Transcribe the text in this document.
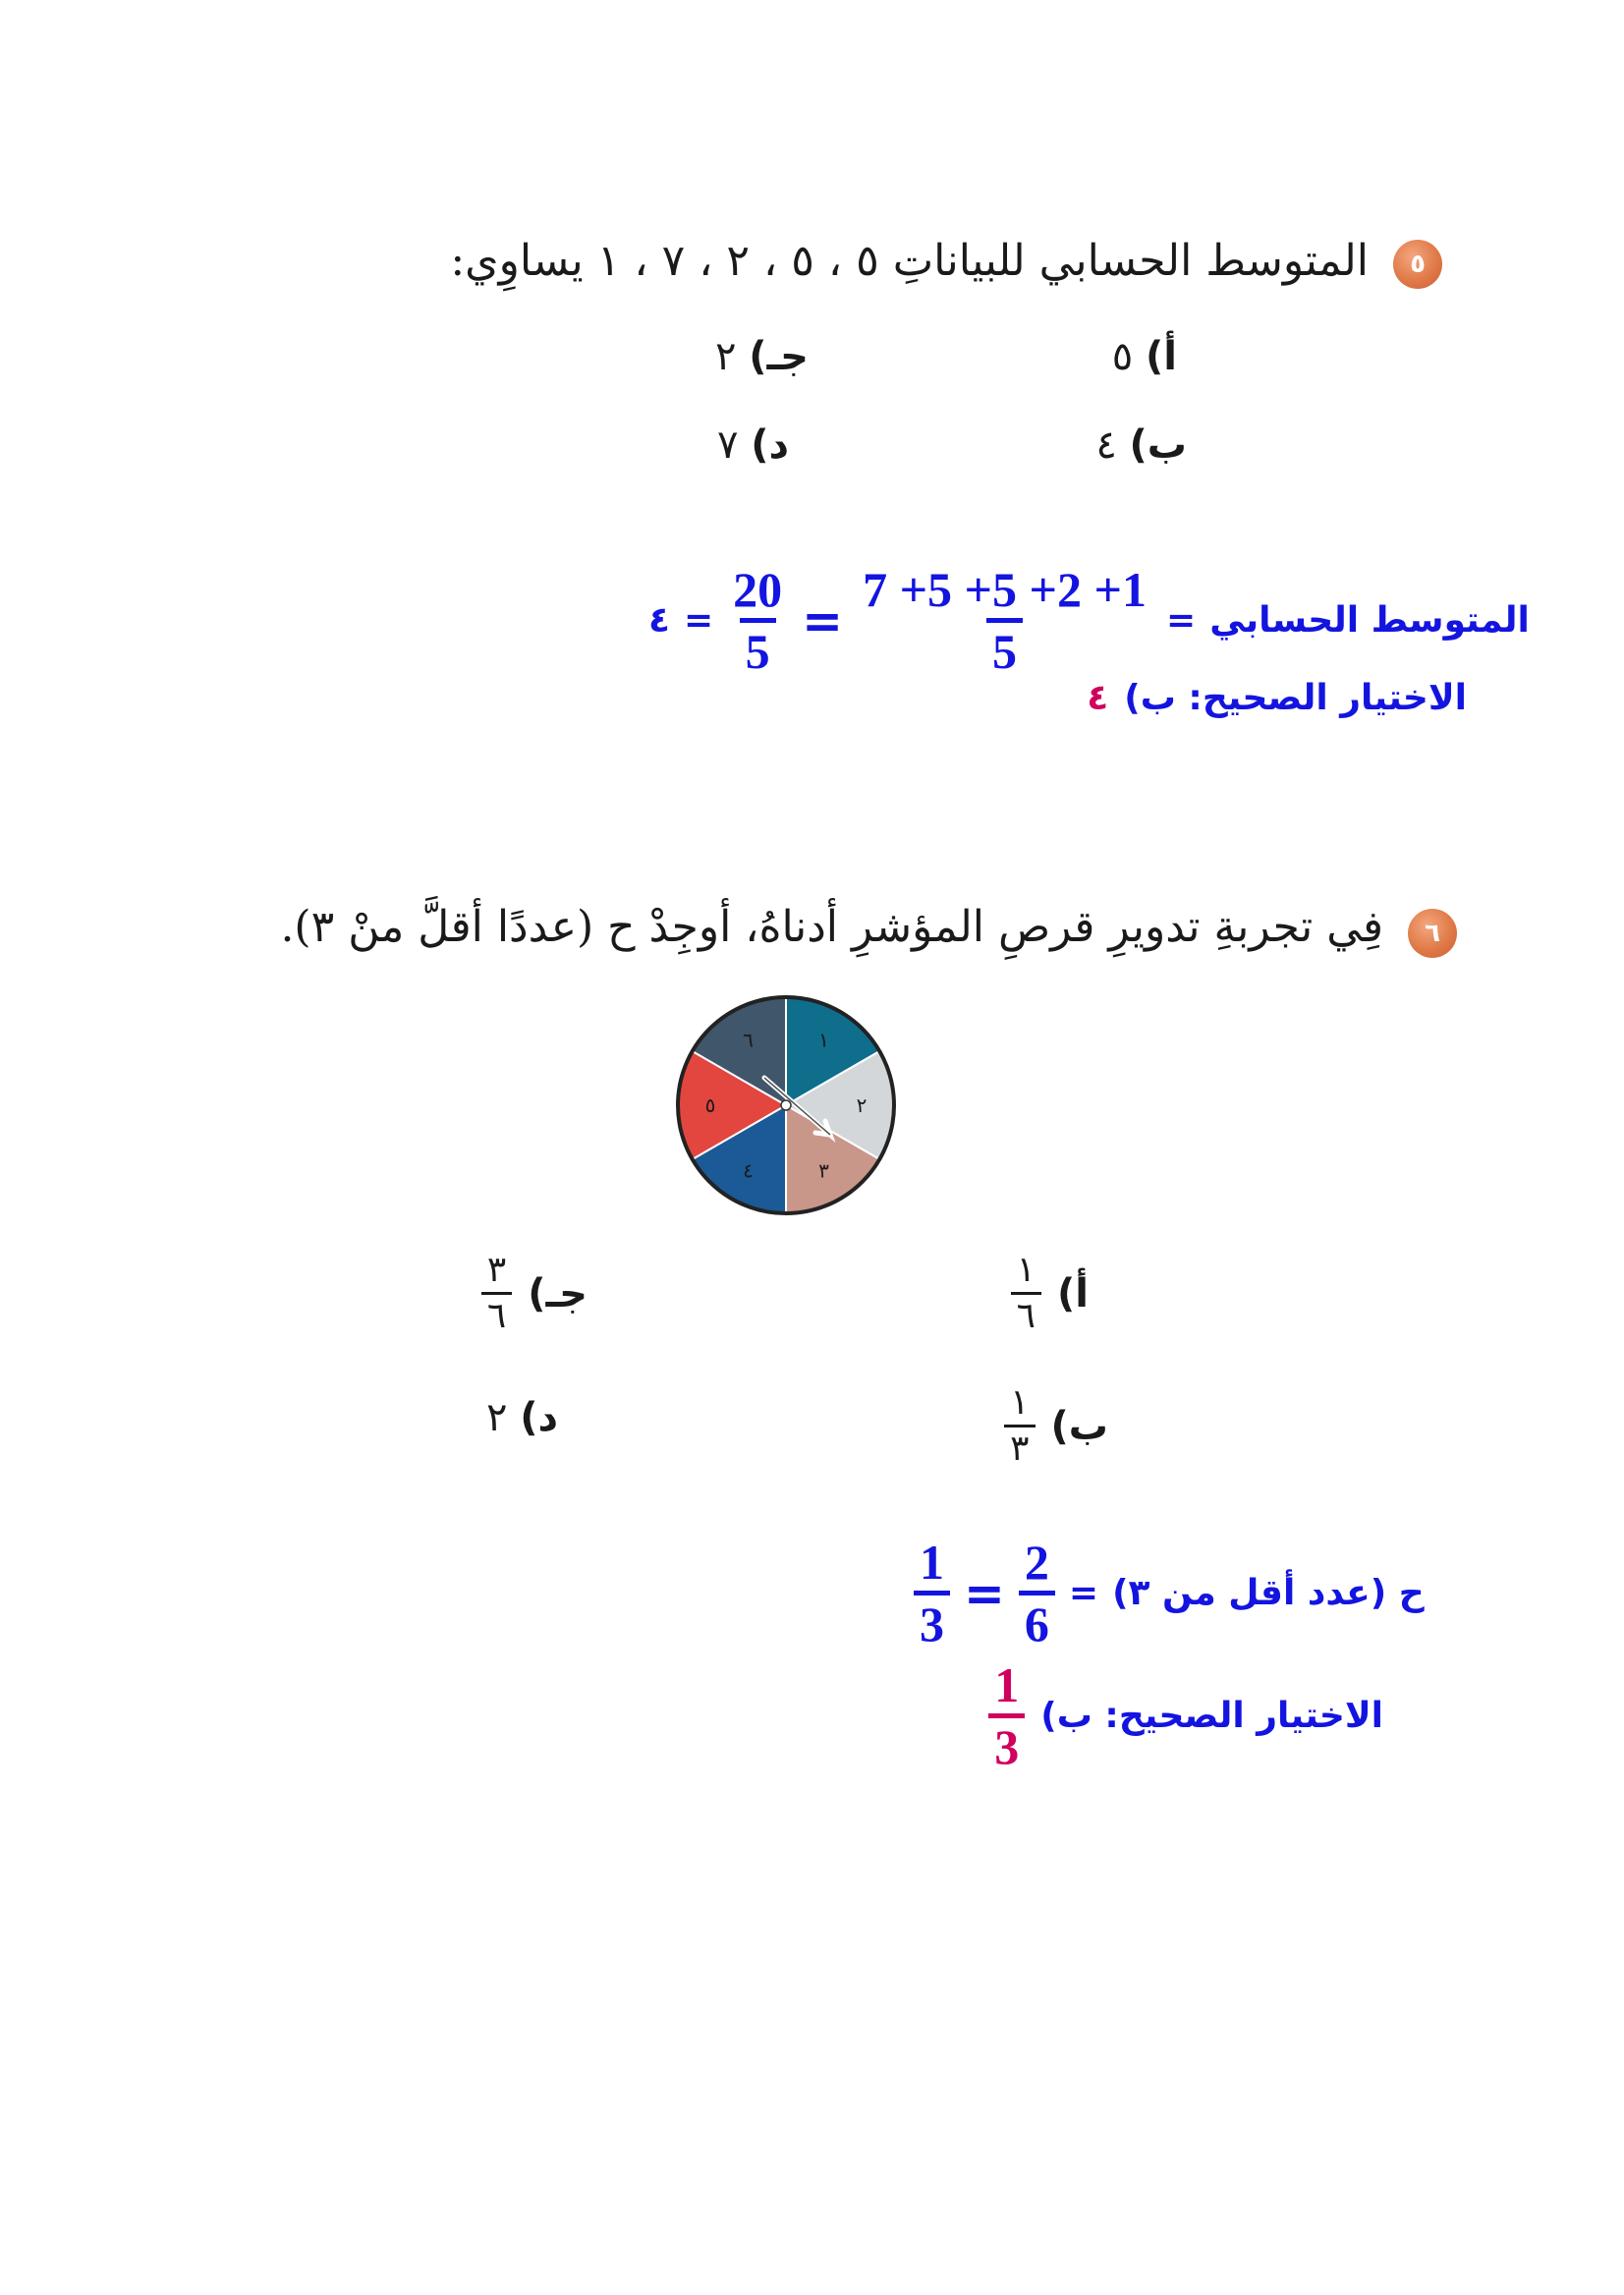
٥
المتوسط الحسابي للبياناتِ ٥ ، ٥ ، ٢ ، ٧ ، ١ يساوِي:
أ) ٥
ب) ٤
جـ) ٢
د) ٧
٤ = $\frac{20}{5} = \frac{7 +5 +5 +2 +1}{5}$ = المتوسط الحسابي
الاختيار الصحيح: ب)
٤
٦
فِي تجربةِ تدويرِ قرصِ المؤشرِ أدناهُ، أوجِدْ ح (عددًا أقلَّ منْ ٣).
١
٢
٣
٤
٥
٦
أ)
$\frac{١}{٦}$
ب)
$\frac{١}{٣}$
جـ)
$\frac{٣}{٦}$
د) ٢
$\frac{1}{3} = \frac{2}{6}$ = ح (عدد أقل من ٣)
الاختيار الصحيح: ب)
$\frac{1}{3}$
